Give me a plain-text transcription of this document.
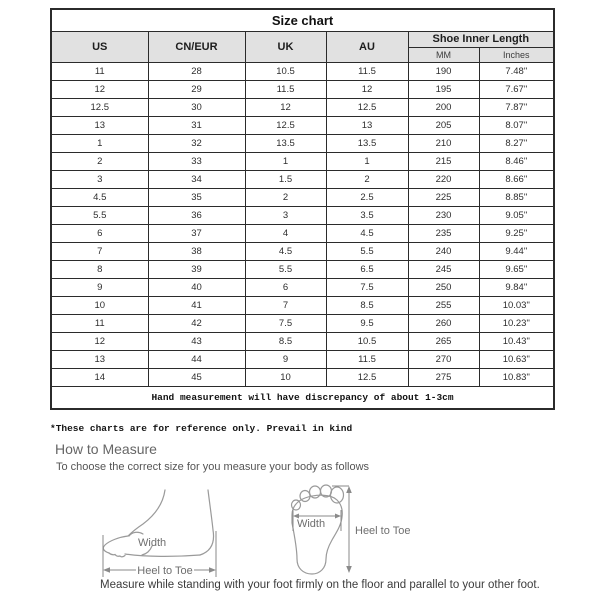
Size chart					
US	CN/EUR	UK	AU	Shoe Inner Length	
				MM	Inches
11	28	10.5	11.5	190	7.48"
12	29	11.5	12	195	7.67"
12.5	30	12	12.5	200	7.87"
13	31	12.5	13	205	8.07"
1	32	13.5	13.5	210	8.27"
2	33	1	1	215	8.46"
3	34	1.5	2	220	8.66"
4.5	35	2	2.5	225	8.85"
5.5	36	3	3.5	230	9.05"
6	37	4	4.5	235	9.25"
7	38	4.5	5.5	240	9.44"
8	39	5.5	6.5	245	9.65"
9	40	6	7.5	250	9.84"
10	41	7	8.5	255	10.03"
11	42	7.5	9.5	260	10.23"
12	43	8.5	10.5	265	10.43"
13	44	9	11.5	270	10.63"
14	45	10	12.5	275	10.83"
Hand measurement will have discrepancy of about 1-3cm					
*These charts are for reference only. Prevail in kind
How to Measure
To choose the correct size for you measure your body as follows
Width
Heel to Toe
Width
Heel to Toe
Measure while standing with your foot firmly on the floor and parallel to your other foot.
